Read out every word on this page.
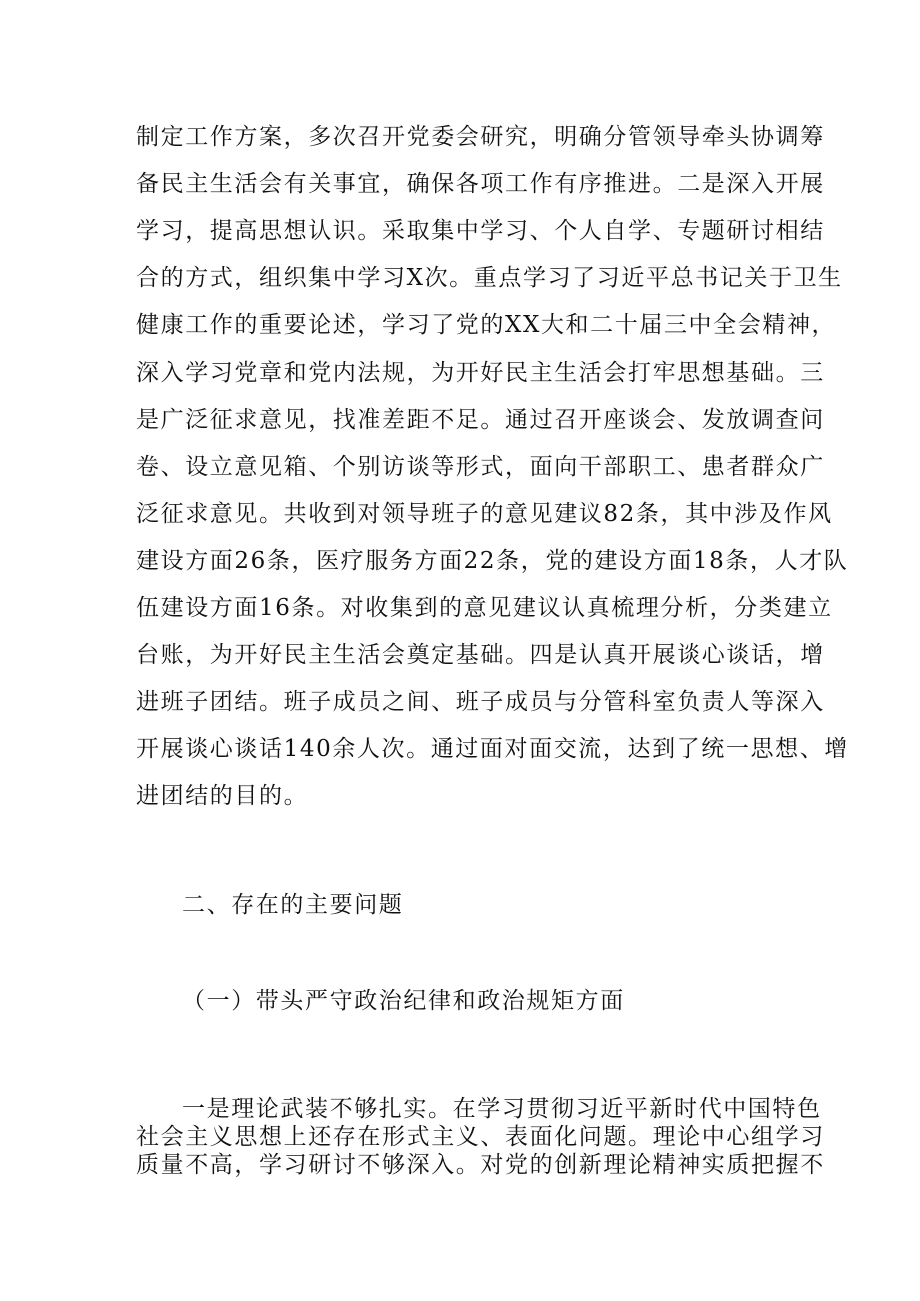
制定工作方案，多次召开党委会研究，明确分管领导牵头协调筹
备民主生活会有关事宜，确保各项工作有序推进。二是深入开展
学习，提高思想认识。采取集中学习、个人自学、专题研讨相结
合的方式，组织集中学习X次。重点学习了习近平总书记关于卫生
健康工作的重要论述，学习了党的XX大和二十届三中全会精神，
深入学习党章和党内法规，为开好民主生活会打牢思想基础。三
是广泛征求意见，找准差距不足。通过召开座谈会、发放调查问
卷、设立意见箱、个别访谈等形式，面向干部职工、患者群众广
泛征求意见。共收到对领导班子的意见建议82条，其中涉及作风
建设方面26条，医疗服务方面22条，党的建设方面18条，人才队
伍建设方面16条。对收集到的意见建议认真梳理分析，分类建立
台账，为开好民主生活会奠定基础。四是认真开展谈心谈话，增
进班子团结。班子成员之间、班子成员与分管科室负责人等深入
开展谈心谈话140余人次。通过面对面交流，达到了统一思想、增
进团结的目的。
二、存在的主要问题
（一）带头严守政治纪律和政治规矩方面
一是理论武装不够扎实。在学习贯彻习近平新时代中国特色
社会主义思想上还存在形式主义、表面化问题。理论中心组学习
质量不高，学习研讨不够深入。对党的创新理论精神实质把握不
